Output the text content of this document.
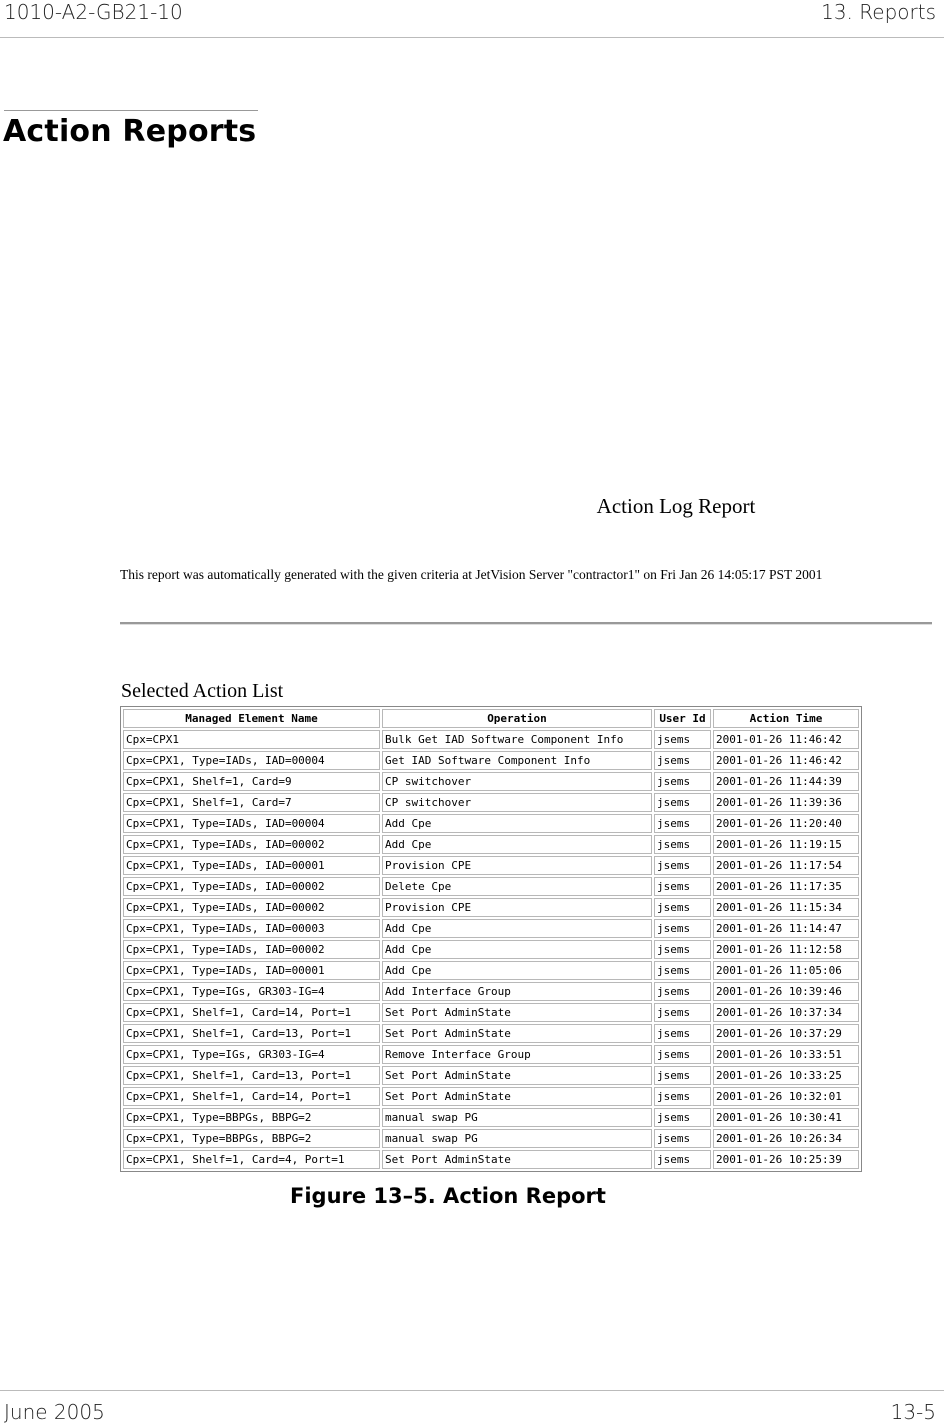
1010-A2-GB21-10	13. Reports
Action Reports
Action Log Report
This report was automatically generated with the given criteria at JetVision Server "contractor1" on Fri Jan 26 14:05:17 PST 2001
Selected Action List
Managed Element Name	Operation	User Id	Action Time
Cpx=CPX1	Bulk Get IAD Software Component Info	jsems	2001-01-26 11:46:42
Cpx=CPX1, Type=IADs, IAD=00004	Get IAD Software Component Info	jsems	2001-01-26 11:46:42
Cpx=CPX1, Shelf=1, Card=9	CP switchover	jsems	2001-01-26 11:44:39
Cpx=CPX1, Shelf=1, Card=7	CP switchover	jsems	2001-01-26 11:39:36
Cpx=CPX1, Type=IADs, IAD=00004	Add Cpe	jsems	2001-01-26 11:20:40
Cpx=CPX1, Type=IADs, IAD=00002	Add Cpe	jsems	2001-01-26 11:19:15
Cpx=CPX1, Type=IADs, IAD=00001	Provision CPE	jsems	2001-01-26 11:17:54
Cpx=CPX1, Type=IADs, IAD=00002	Delete Cpe	jsems	2001-01-26 11:17:35
Cpx=CPX1, Type=IADs, IAD=00002	Provision CPE	jsems	2001-01-26 11:15:34
Cpx=CPX1, Type=IADs, IAD=00003	Add Cpe	jsems	2001-01-26 11:14:47
Cpx=CPX1, Type=IADs, IAD=00002	Add Cpe	jsems	2001-01-26 11:12:58
Cpx=CPX1, Type=IADs, IAD=00001	Add Cpe	jsems	2001-01-26 11:05:06
Cpx=CPX1, Type=IGs, GR303-IG=4	Add Interface Group	jsems	2001-01-26 10:39:46
Cpx=CPX1, Shelf=1, Card=14, Port=1	Set Port AdminState	jsems	2001-01-26 10:37:34
Cpx=CPX1, Shelf=1, Card=13, Port=1	Set Port AdminState	jsems	2001-01-26 10:37:29
Cpx=CPX1, Type=IGs, GR303-IG=4	Remove Interface Group	jsems	2001-01-26 10:33:51
Cpx=CPX1, Shelf=1, Card=13, Port=1	Set Port AdminState	jsems	2001-01-26 10:33:25
Cpx=CPX1, Shelf=1, Card=14, Port=1	Set Port AdminState	jsems	2001-01-26 10:32:01
Cpx=CPX1, Type=BBPGs, BBPG=2	manual swap PG	jsems	2001-01-26 10:30:41
Cpx=CPX1, Type=BBPGs, BBPG=2	manual swap PG	jsems	2001-01-26 10:26:34
Cpx=CPX1, Shelf=1, Card=4, Port=1	Set Port AdminState	jsems	2001-01-26 10:25:39
Figure 13–5. Action Report
June 2005	13-5
